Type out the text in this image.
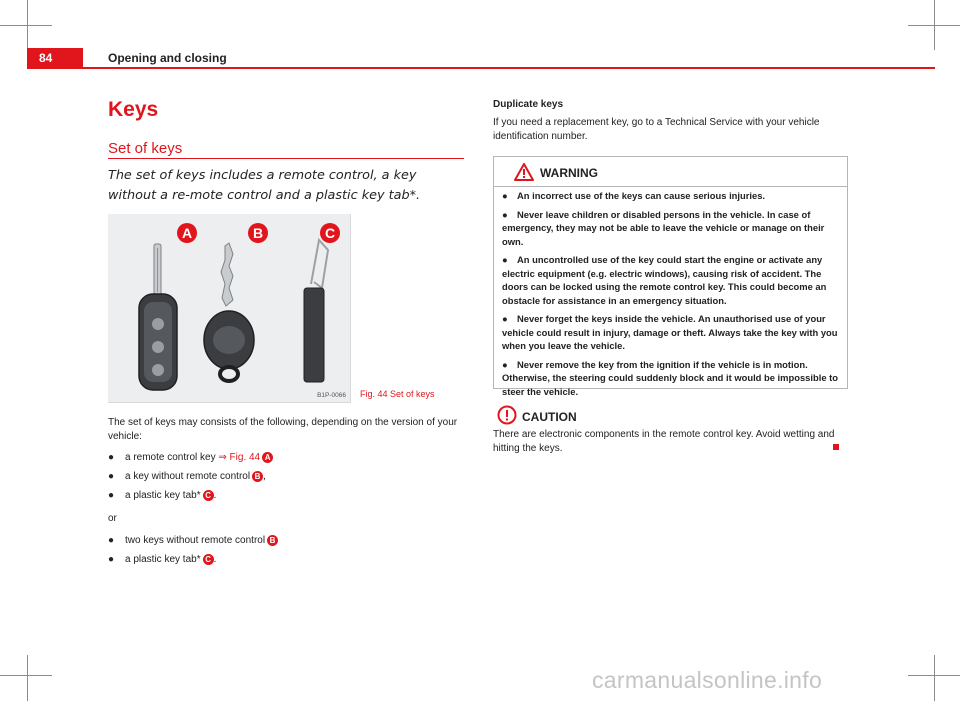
84	Opening and closing
Keys
Set of keys
The set of keys includes a remote control, a key without a re-mote control and a plastic key tab*.
A	B	C
B1P-0066 Fig. 44 Set of keys
The set of keys may consists of the following, depending on the version of your vehicle:
● a remote control key ⇒ Fig. 44 A
● a key without remote control B ,
● a plastic key tab* C .
or
● two keys without remote control B
● a plastic key tab* C .
Duplicate keys
If you need a replacement key, go to a Technical Service with your vehicle identification number.
WARNING

● An incorrect use of the keys can cause serious injuries.

● Never leave children or disabled persons in the vehicle. In case of emergency, they may not be able to leave the vehicle or manage on their own.

● An uncontrolled use of the key could start the engine or activate any electric equipment (e.g. electric windows), causing risk of accident. The doors can be locked using the remote control key. This could become an obstacle for assistance in an emergency situation.

● Never forget the keys inside the vehicle. An unauthorised use of your vehicle could result in injury, damage or theft. Always take the key with you when you leave the vehicle.

● Never remove the key from the ignition if the vehicle is in motion. Otherwise, the steering could suddenly block and it would be impossible to steer the vehicle.

CAUTION
There are electronic components in the remote control key. Avoid wetting and hitting the keys.
carmanualsonline.info
